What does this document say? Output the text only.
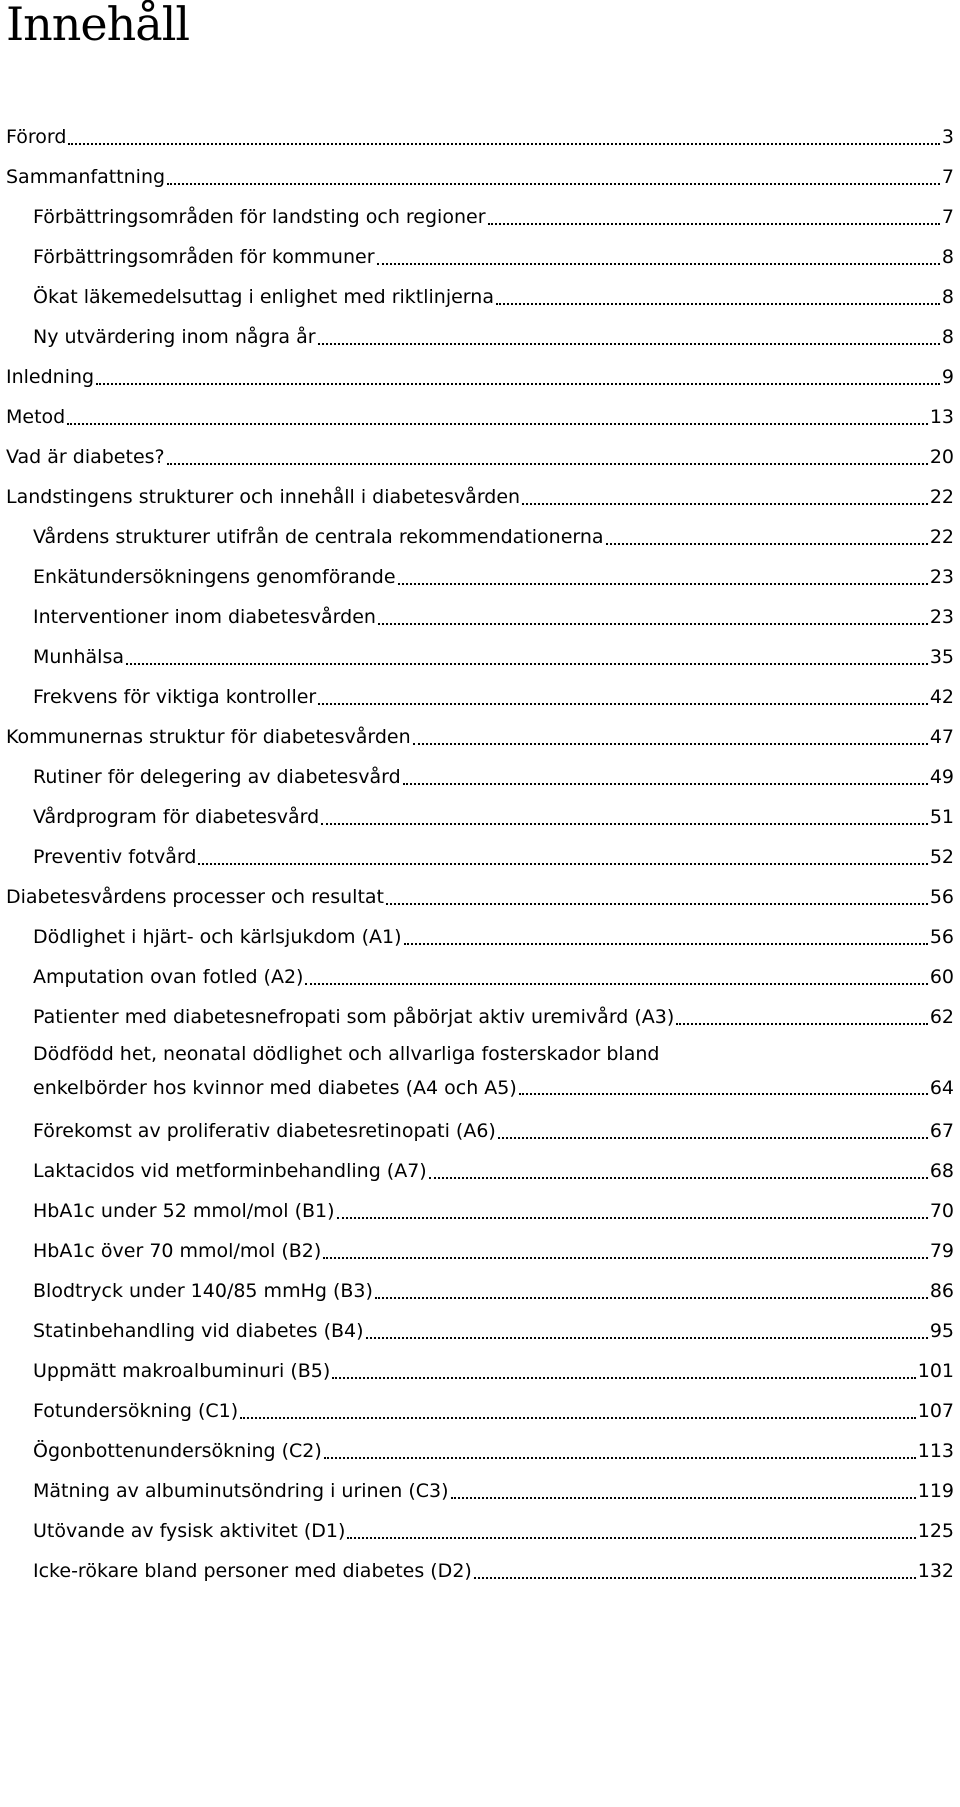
Innehåll
Förord	3
Sammanfattning	7
Förbättringsområden för landsting och regioner	7
Förbättringsområden för kommuner	8
Ökat läkemedelsuttag i enlighet med riktlinjerna	8
Ny utvärdering inom några år	8
Inledning	9
Metod	13
Vad är diabetes?	20
Landstingens strukturer och innehåll i diabetesvården	22
Vårdens strukturer utifrån de centrala rekommendationerna	22
Enkätundersökningens genomförande	23
Interventioner inom diabetesvården	23
Munhälsa	35
Frekvens för viktiga kontroller	42
Kommunernas struktur för diabetesvården	47
Rutiner för delegering av diabetesvård	49
Vårdprogram för diabetesvård	51
Preventiv fotvård	52
Diabetesvårdens processer och resultat	56
Dödlighet i hjärt- och kärlsjukdom (A1)	56
Amputation ovan fotled (A2)	60
Patienter med diabetesnefropati som påbörjat aktiv uremivård (A3)	62
Dödfödd het, neonatal dödlighet och allvarliga fosterskador bland
enkelbörder hos kvinnor med diabetes (A4 och A5)	64
Förekomst av proliferativ diabetesretinopati (A6)	67
Laktacidos vid metforminbehandling (A7)	68
HbA1c under 52 mmol/mol (B1)	70
HbA1c över 70 mmol/mol (B2)	79
Blodtryck under 140/85 mmHg (B3)	86
Statinbehandling vid diabetes (B4)	95
Uppmätt makroalbuminuri (B5)	101
Fotundersökning (C1)	107
Ögonbottenundersökning (C2)	113
Mätning av albuminutsöndring i urinen (C3)	119
Utövande av fysisk aktivitet (D1)	125
Icke-rökare bland personer med diabetes (D2)	132
